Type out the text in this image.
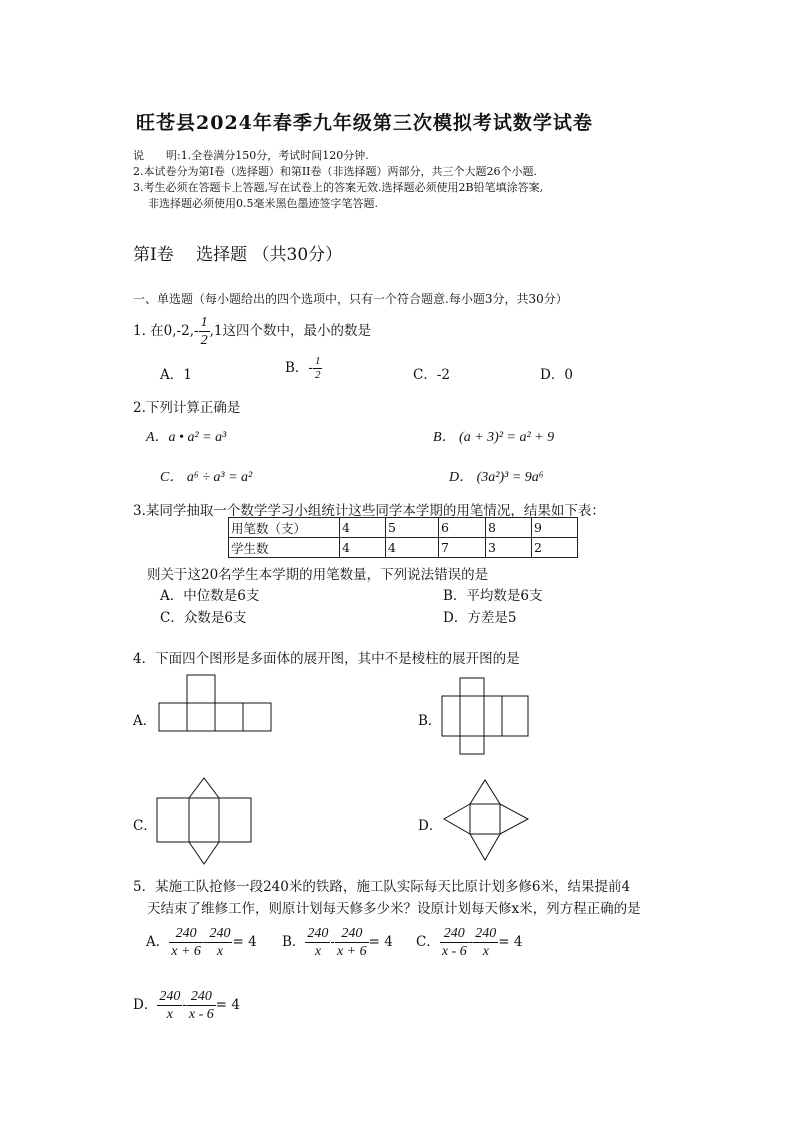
旺苍县2024年春季九年级第三次模拟考试数学试卷
说　　明:1.全卷满分150分，考试时间120分钟.
2.本试卷分为第Ⅰ卷（选择题）和第II卷（非选择题）两部分，共三个大题26个小题.
3.考生必须在答题卡上答题,写在试卷上的答案无效.选择题必须使用2B铅笔填涂答案,
非选择题必须使用0.5毫米黑色墨迹签字笔答题.
第Ⅰ卷　 选择题 （共30分）
一、单选题（每小题给出的四个选项中，只有一个符合题意.每小题3分，共30分）
1. 在$0,-2,- \frac{1}{2} ,1$这四个数中，最小的数是
A．1	B．- $\frac{1}{2}$	C．-2	D．0
2.下列计算正确是
A．a • a² = a³	B． (a + 3)² = a² + 9
C． a⁶ ÷ a³ = a²	D． (3a²)³ = 9a⁶
3.某同学抽取一个数学学习小组统计这些同学本学期的用笔情况，结果如下表：
用笔数（支）	4	5	6	8	9
学生数	4	4	7	3	2
则关于这20名学生本学期的用笔数量，下列说法错误的是
A．中位数是6支	B．平均数是6支
C．众数是6支	D．方差是5
4．下面四个图形是多面体的展开图，其中不是棱柱的展开图的是
A．	B．
C．	D．
5．某施工队抢修一段240米的铁路，施工队实际每天比原计划多修6米，结果提前4
天结束了维修工作，则原计划每天修多少米？设原计划每天修x米，列方程正确的是
A． $\frac{240}{x + 6} - \frac{240}{x} = 4$ B． $\frac{240}{x} - \frac{240}{x + 6} = 4$ C． $\frac{240}{x - 6} - \frac{240}{x} = 4$
D． $\frac{240}{x} - \frac{240}{x - 6} = 4$
